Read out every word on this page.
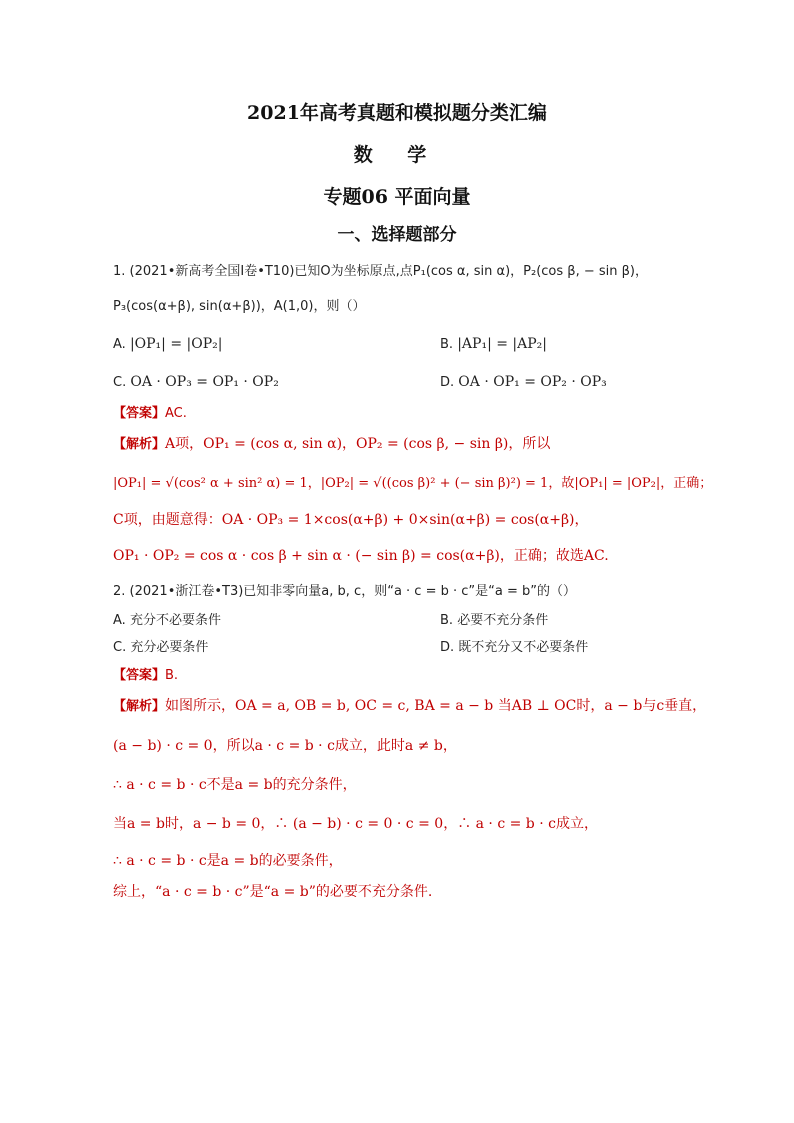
2021年高考真题和模拟题分类汇编
数 学
专题06 平面向量
一、选择题部分
1. (2021•新高考全国Ⅰ卷•T10)已知O为坐标原点,点P₁(cos α, sin α)，P₂(cos β, − sin β)，
P₃(cos(α+β), sin(α+β))，A(1,0)，则（）
A. |OP₁| = |OP₂|	B. |AP₁| = |AP₂|
C. OA · OP₃ = OP₁ · OP₂	D. OA · OP₁ = OP₂ · OP₃
【答案】AC.
【解析】A项，OP₁ = (cos α, sin α)，OP₂ = (cos β, − sin β)，所以
|OP₁| = √(cos² α + sin² α) = 1，|OP₂| = √((cos β)² + (− sin β)²) = 1，故|OP₁| = |OP₂|，正确；
C项，由题意得：OA · OP₃ = 1×cos(α+β) + 0×sin(α+β) = cos(α+β)，
OP₁ · OP₂ = cos α · cos β + sin α · (− sin β) = cos(α+β)，正确；故选AC.
2. (2021•浙江卷•T3)已知非零向量a, b, c，则“a · c = b · c”是“a = b”的（）
A. 充分不必要条件	B. 必要不充分条件
C. 充分必要条件	D. 既不充分又不必要条件
【答案】B.
【解析】如图所示，OA = a, OB = b, OC = c, BA = a − b 当AB ⊥ OC时，a − b与c垂直，
(a − b) · c = 0，所以a · c = b · c成立，此时a ≠ b，
∴ a · c = b · c不是a = b的充分条件，
当a = b时，a − b = 0，∴ (a − b) · c = 0 · c = 0，∴ a · c = b · c成立，
∴ a · c = b · c是a = b的必要条件，
综上，“a · c = b · c”是“a = b”的必要不充分条件.
